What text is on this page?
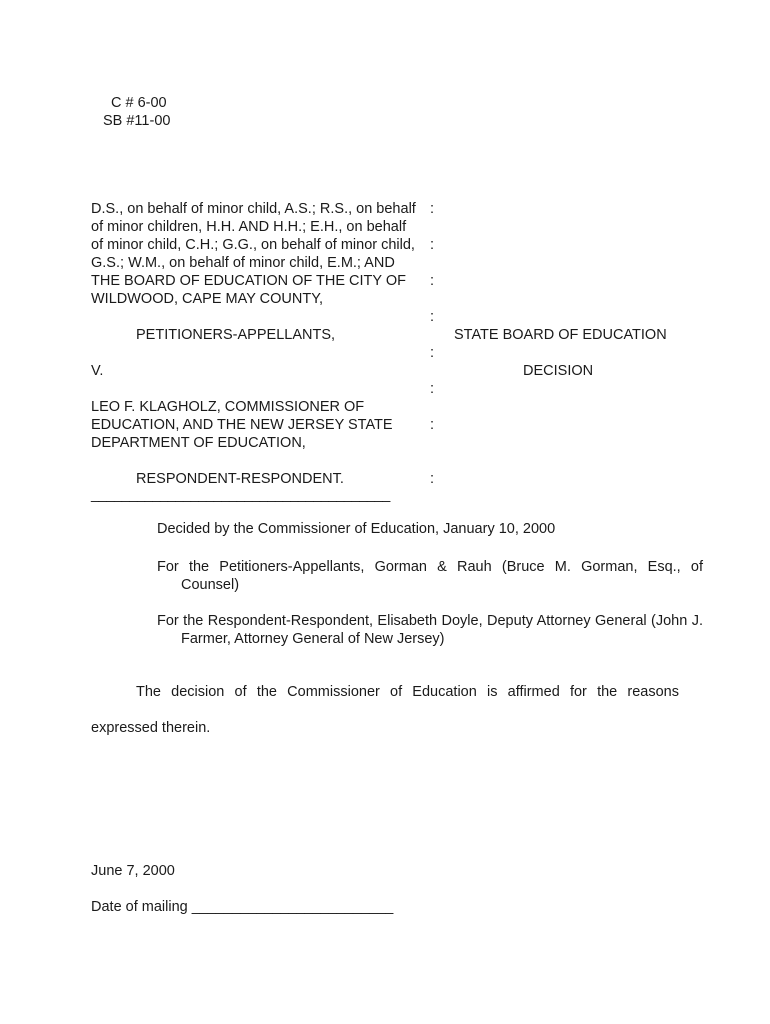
C # 6-00
SB #11-00
D.S., on behalf of minor child, A.S.; R.S., on behalf
of minor children, H.H. AND H.H.; E.H., on behalf
of minor child, C.H.; G.G., on behalf of minor child,
G.S.; W.M., on behalf of minor child, E.M.; AND
THE BOARD OF EDUCATION OF THE CITY OF
WILDWOOD, CAPE MAY COUNTY,
PETITIONERS-APPELLANTS,
V.
LEO F. KLAGHOLZ, COMMISSIONER OF
EDUCATION, AND THE NEW JERSEY STATE
DEPARTMENT OF EDUCATION,
RESPONDENT-RESPONDENT.
_______________________________________
:
:
:
:
:
:
:
:
STATE BOARD OF EDUCATION
DECISION
Decided by the Commissioner of Education, January 10, 2000
For the Petitioners-Appellants, Gorman & Rauh (Bruce M. Gorman, Esq., of Counsel)
For the Respondent-Respondent, Elisabeth Doyle, Deputy Attorney General (John J. Farmer, Attorney General of New Jersey)
The decision of the Commissioner of Education is affirmed for the reasons
expressed therein.
June 7, 2000
Date of mailing _________________________
